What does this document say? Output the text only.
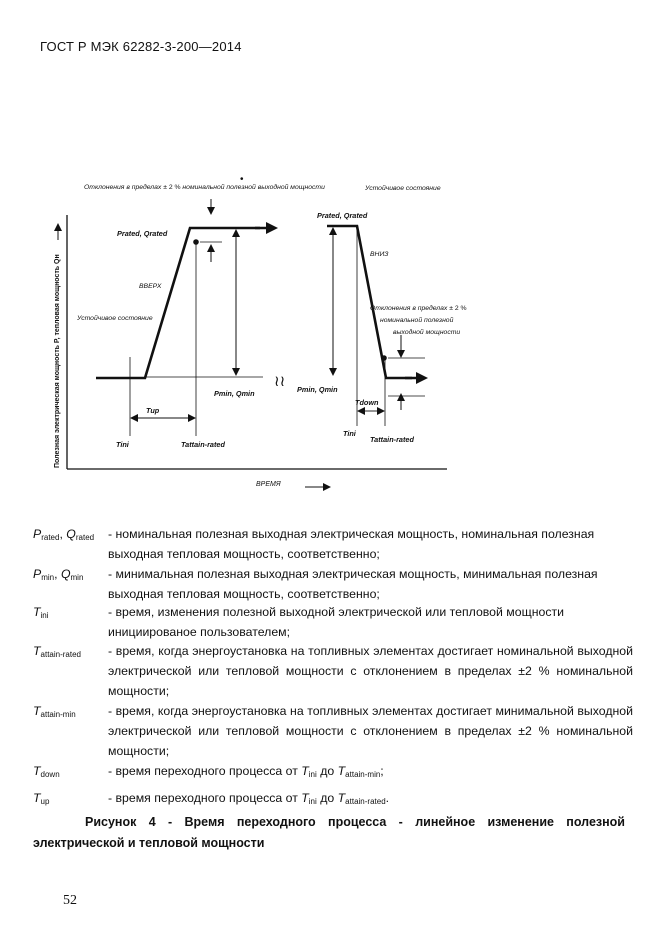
ГОСТ Р МЭК 62282-3-200—2014
•
Отклонения в пределах ± 2 % номинальной полезной выходной мощности	Устойчивое состояние
Полезная электрическая мощность Р, тепловая мощность Qн
Prated, Qrated
ВВЕРХ
Устойчивое состояние
Pmin, Qmin
Tup
Tini	Tattain-rated
≀≀
Prated, Qrated
ВНИЗ
Отклонения в пределах ± 2 %
номинальной полезной
выходной мощности
Pmin, Qmin
Tdown
Tini
Tattain-rated
ВРЕМЯ
$P_{rated}$, $Q_{rated}$	- номинальная полезная выходная электрическая мощность, номинальная полезная выходная тепловая мощность, соответственно;
$P_{min}$, $Q_{min}$	- минимальная полезная выходная электрическая мощность, минимальная полезная выходная тепловая мощность, соответственно;
$T_{ini}$	- время, изменения полезной выходной электрической или тепловой мощности инициированое пользователем;
$T_{attain-rated}$	- время, когда энергоустановка на топливных элементах достигает номинальной выходной электрической или тепловой мощности с отклонением в пределах ±2 % номинальной мощности;
$T_{attain-min}$	- время, когда энергоустановка на топливных элементах достигает минимальной выходной электрической или тепловой мощности с отклонением в пределах ±2 % номинальной мощности;
$T_{down}$	- время переходного процесса от $T_{ini}$ до $T_{attain-min}$;
$T_{up}$	- время переходного процесса от $T_{ini}$ до $T_{attain-rated}$.
Рисунок 4 - Время переходного процесса - линейное изменение полезной
электрической и тепловой мощности
52
